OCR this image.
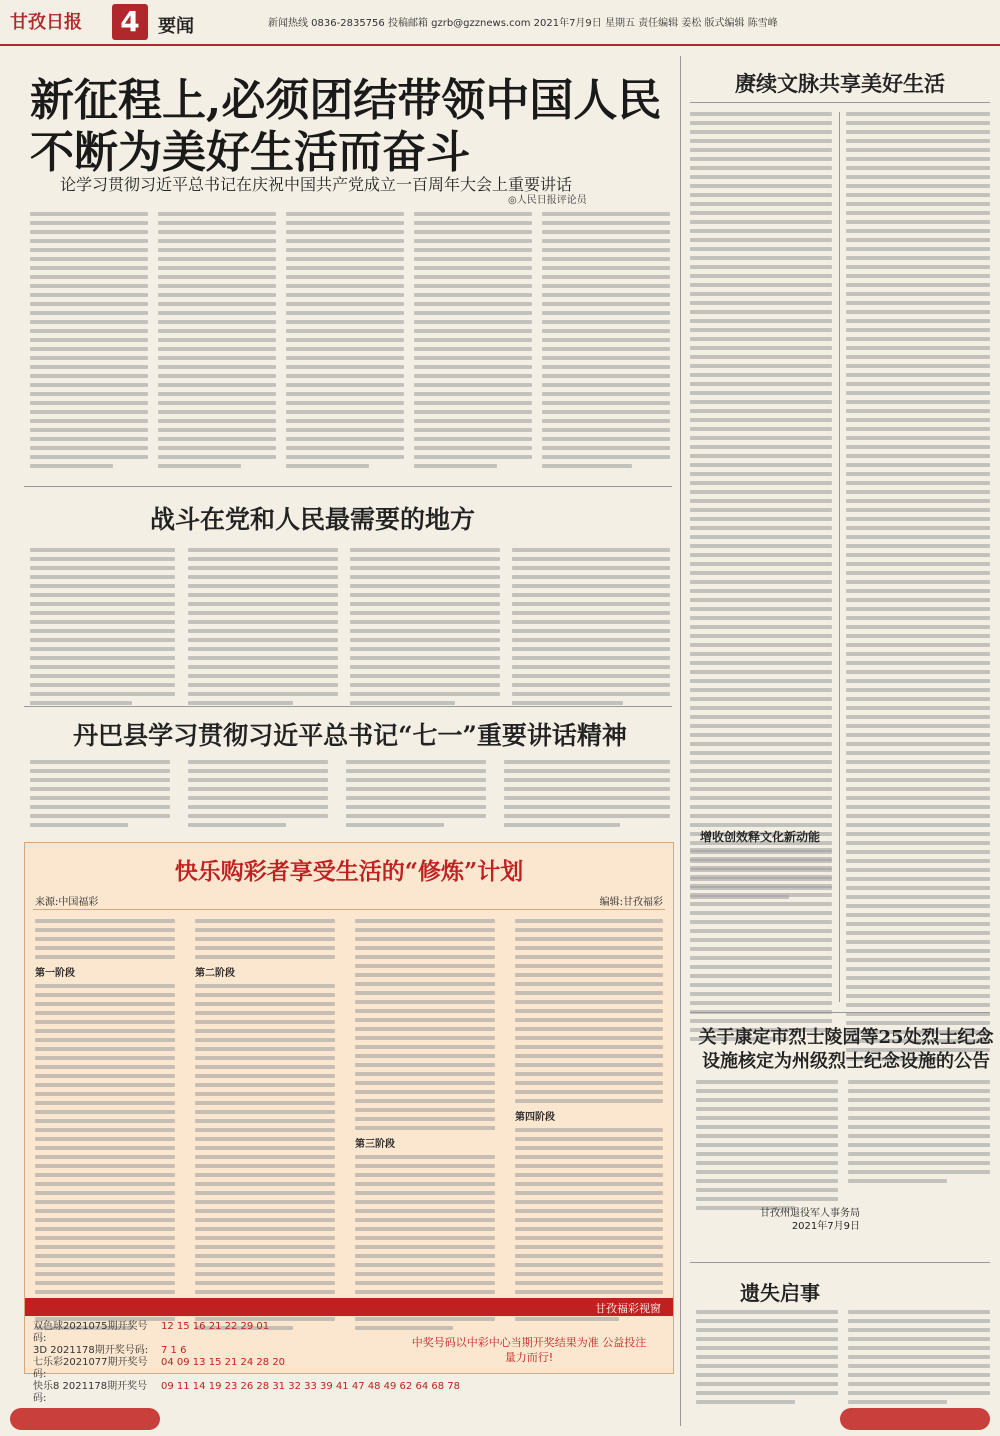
甘孜日报 4	要闻	新闻热线 0836-2835756 投稿邮箱 gzrb@gzznews.com 2021年7月9日 星期五 责任编辑 姜松 版式编辑 陈雪峰
新征程上,必须团结带领中国人民不断为美好生活而奋斗
论学习贯彻习近平总书记在庆祝中国共产党成立一百周年大会上重要讲话
◎人民日报评论员
赓续文脉共享美好生活
增收创效释文化新动能
战斗在党和人民最需要的地方
丹巴县学习贯彻习近平总书记“七一”重要讲话精神
快乐购彩者享受生活的“修炼”计划
来源:中国福彩	编辑:甘孜福彩
第一阶段	第二阶段
第三阶段
第四阶段
甘孜福彩视窗
双色球2021075期开奖号码:
12 15 16 21 22 29 01
3D 2021178期开奖号码:	7 1 6
七乐彩2021077期开奖号码:
04 09 13 15 21 24 28 20
快乐8 2021178期开奖号码:
09 11 14 19 23 26 28 31 32 33 39 41 47 48 49 62 64 68 78
中奖号码以中彩中心当期开奖结果为准 公益投注 量力而行!
关于康定市烈士陵园等25处烈士纪念设施核定为州级烈士纪念设施的公告
甘孜州退役军人事务局
2021年7月9日
遗失启事
